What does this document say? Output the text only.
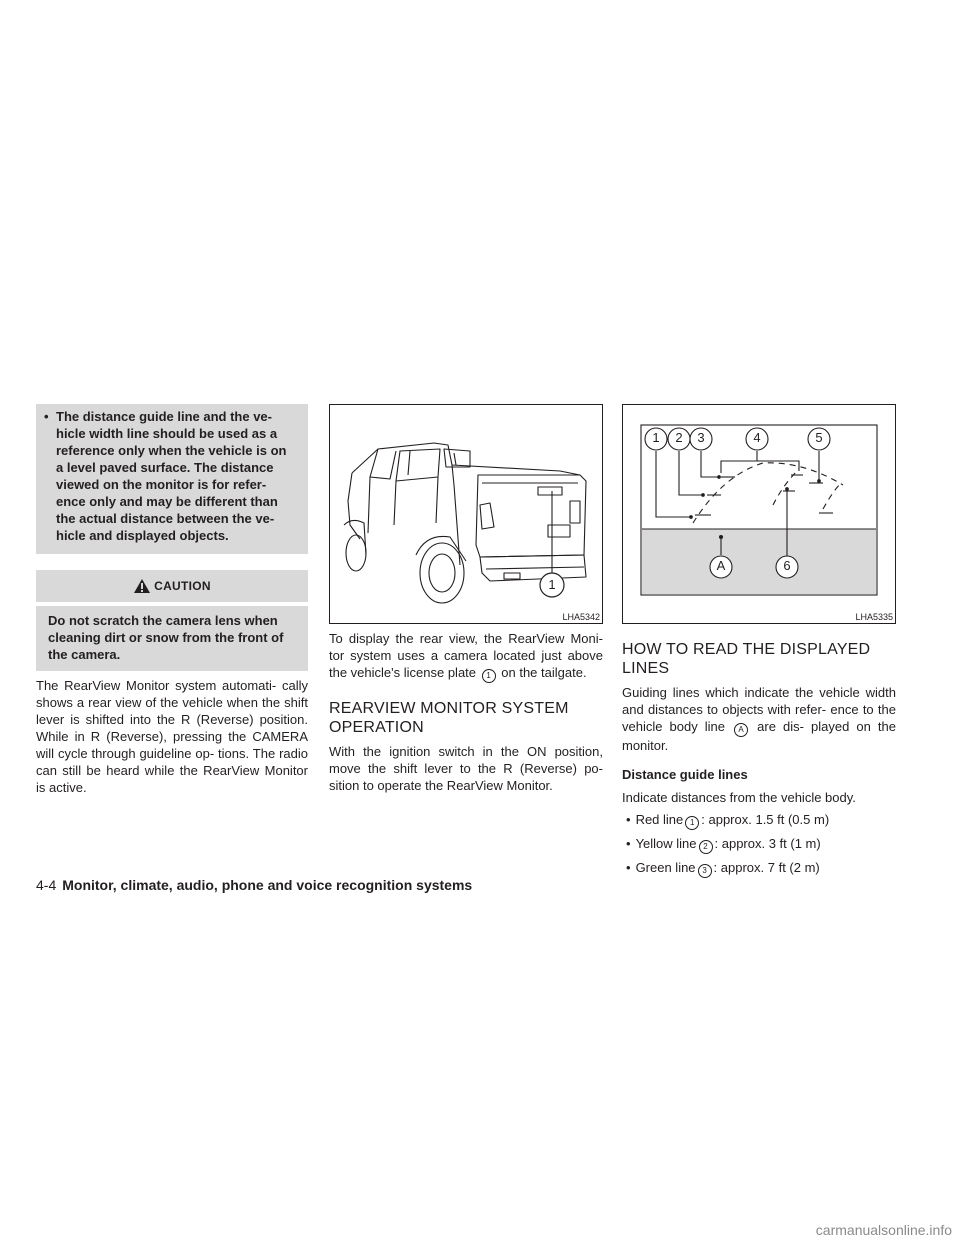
• The distance guide line and the ve-
hicle width line should be used as a
reference only when the vehicle is on
a level paved surface. The distance
viewed on the monitor is for refer-
ence only and may be different than
the actual distance between the ve-
hicle and displayed objects.
CAUTION
Do not scratch the camera lens when
cleaning dirt or snow from the front of
the camera.

The RearView Monitor system automati- cally shows a rear view of the vehicle when the shift lever is shifted into the R (Reverse) position. While in R (Reverse), pressing the CAMERA will cycle through guideline op- tions. The radio can still be heard while the RearView Monitor is active.

1
LHA5342

To display the rear view, the RearView Moni- tor system uses a camera located just above the vehicle's license plate 1 on the tailgate.

REARVIEW MONITOR SYSTEM OPERATION

With the ignition switch in the ON position, move the shift lever to the R (Reverse) po- sition to operate the RearView Monitor.

1	2	3	4	5
A	6
LHA5335
HOW TO READ THE DISPLAYED LINES

Guiding lines which indicate the vehicle width and distances to objects with refer- ence to the vehicle body line A are dis- played on the monitor.

Distance guide lines

Indicate distances from the vehicle body.

• Red line 1 : approx. 1.5 ft (0.5 m)
• Yellow line 2 : approx. 3 ft (1 m)
• Green line 3 : approx. 7 ft (2 m)
4-4 Monitor, climate, audio, phone and voice recognition systems
carmanualsonline.info
